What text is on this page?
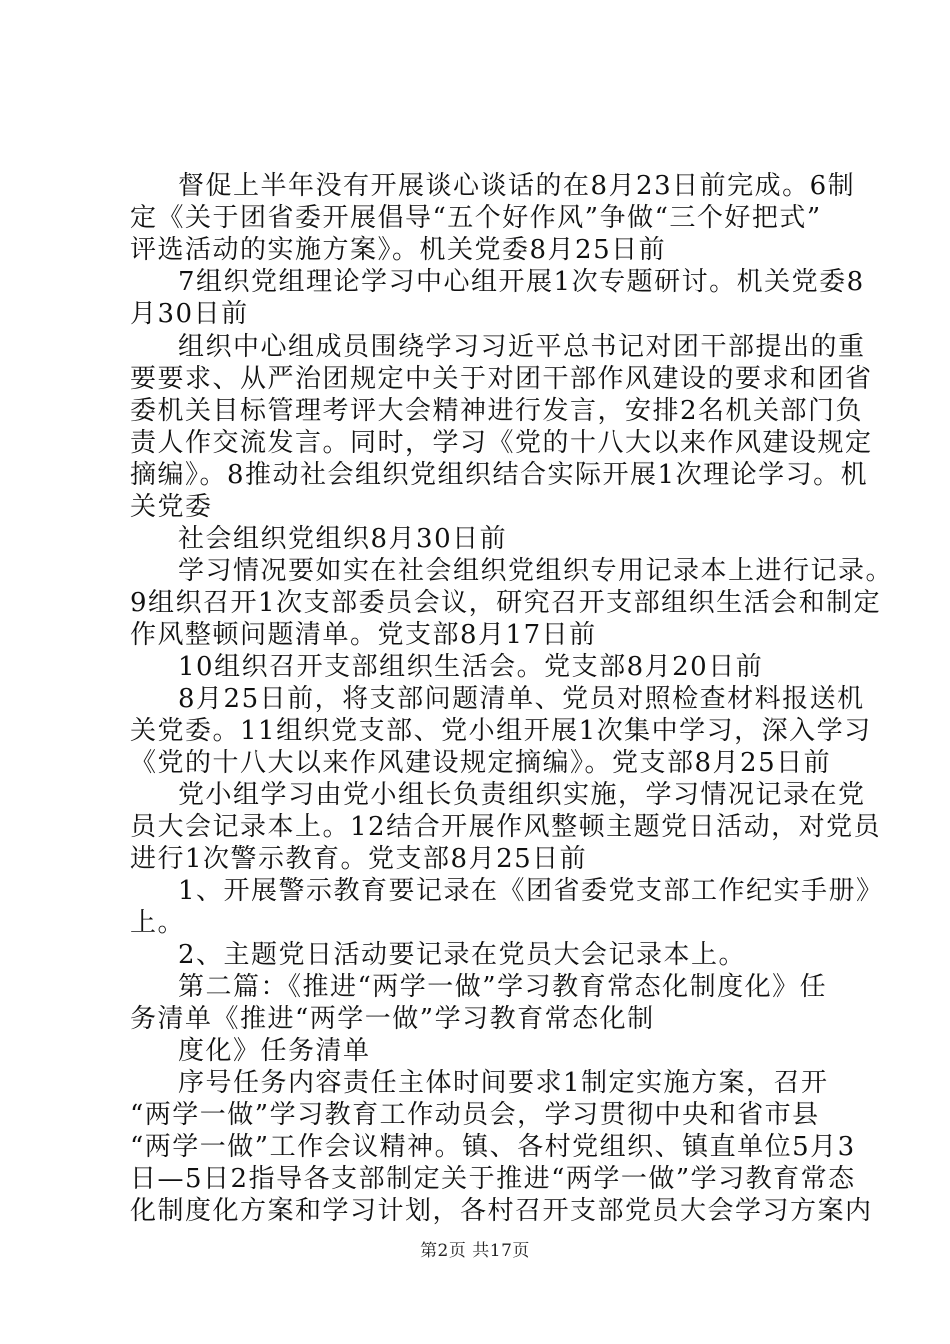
督促上半年没有开展谈心谈话的在8月23日前完成。6制
定《关于团省委开展倡导“五个好作风”争做“三个好把式”
评选活动的实施方案》。机关党委8月25日前
7组织党组理论学习中心组开展1次专题研讨。机关党委8
月30日前
组织中心组成员围绕学习习近平总书记对团干部提出的重
要要求、从严治团规定中关于对团干部作风建设的要求和团省
委机关目标管理考评大会精神进行发言，安排2名机关部门负
责人作交流发言。同时，学习《党的十八大以来作风建设规定
摘编》。8推动社会组织党组织结合实际开展1次理论学习。机
关党委
社会组织党组织8月30日前
学习情况要如实在社会组织党组织专用记录本上进行记录。
9组织召开1次支部委员会议，研究召开支部组织生活会和制定
作风整顿问题清单。党支部8月17日前
10组织召开支部组织生活会。党支部8月20日前
8月25日前，将支部问题清单、党员对照检查材料报送机
关党委。11组织党支部、党小组开展1次集中学习，深入学习
《党的十八大以来作风建设规定摘编》。党支部8月25日前
党小组学习由党小组长负责组织实施，学习情况记录在党
员大会记录本上。12结合开展作风整顿主题党日活动，对党员
进行1次警示教育。党支部8月25日前
1、开展警示教育要记录在《团省委党支部工作纪实手册》
上。
2、主题党日活动要记录在党员大会记录本上。
第二篇：《推进“两学一做”学习教育常态化制度化》任
务清单《推进“两学一做”学习教育常态化制
度化》任务清单
序号任务内容责任主体时间要求1制定实施方案，召开
“两学一做”学习教育工作动员会，学习贯彻中央和省市县
“两学一做”工作会议精神。镇、各村党组织、镇直单位5月3
日—5日2指导各支部制定关于推进“两学一做”学习教育常态
化制度化方案和学习计划，各村召开支部党员大会学习方案内
第2页 共17页
